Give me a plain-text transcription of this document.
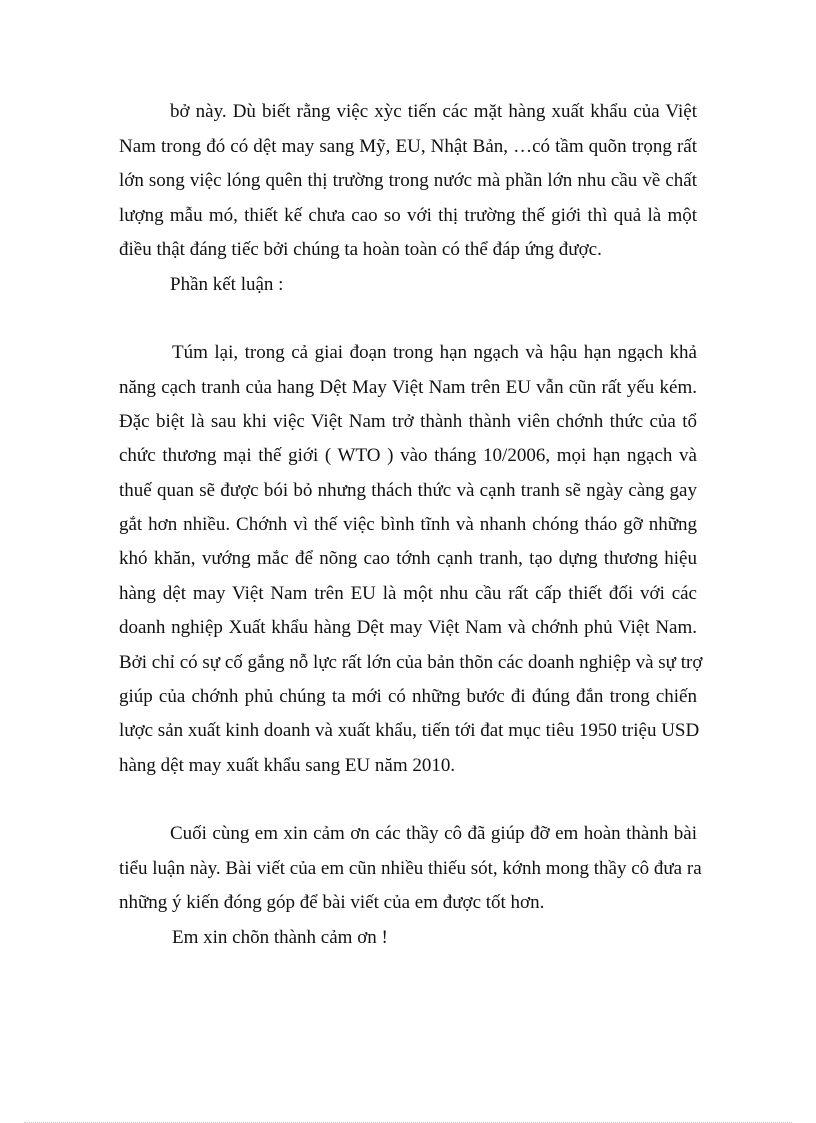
bở này. Dù biết rằng việc xỳc tiến các mặt hàng xuất khẩu của Việt
Nam trong đó có dệt may sang Mỹ, EU, Nhật Bản, …có tầm quõn trọng rất
lớn song việc lóng quên thị trường trong nước mà phần lớn nhu cầu về chất
lượng mẫu mó, thiết kế chưa cao so với thị trường thế giới thì quả là một
điều thật đáng tiếc bởi chúng ta hoàn toàn có thể đáp ứng được.
Phần kết luận :
Túm lại, trong cả giai đoạn trong hạn ngạch và hậu hạn ngạch khả
năng cạch tranh của hang Dệt May Việt Nam trên EU vẫn cũn rất yếu kém.
Đặc biệt là sau khi việc Việt Nam trở thành thành viên chớnh thức của tổ
chức thương mại thế giới ( WTO ) vào tháng 10/2006, mọi hạn ngạch và
thuế quan sẽ được bói bỏ nhưng thách thức và cạnh tranh sẽ ngày càng gay
gắt hơn nhiều. Chớnh vì thế việc bình tĩnh và nhanh chóng tháo gỡ những
khó khăn, vướng mắc để nõng cao tớnh cạnh tranh, tạo dựng thương hiệu
hàng dệt may Việt Nam trên EU là một nhu cầu rất cấp thiết đối với các
doanh nghiệp Xuất khẩu hàng Dệt may Việt Nam và chớnh phủ Việt Nam.
Bởi chỉ có sự cố gắng nỗ lực rất lớn của bản thõn các doanh nghiệp và sự trợ
giúp của chớnh phủ chúng ta mới có những bước đi đúng đắn trong chiến
lược sản xuất kinh doanh và xuất khẩu, tiến tới đat mục tiêu 1950 triệu USD
hàng dệt may xuất khẩu sang EU năm 2010.
Cuối cùng em xin cảm ơn các thầy cô đã giúp đỡ em hoàn thành bài
tiểu luận này. Bài viết của em cũn nhiều thiếu sót, kớnh mong thầy cô đưa ra
những ý kiến đóng góp để bài viết của em được tốt hơn.
Em xin chõn thành cảm ơn !
